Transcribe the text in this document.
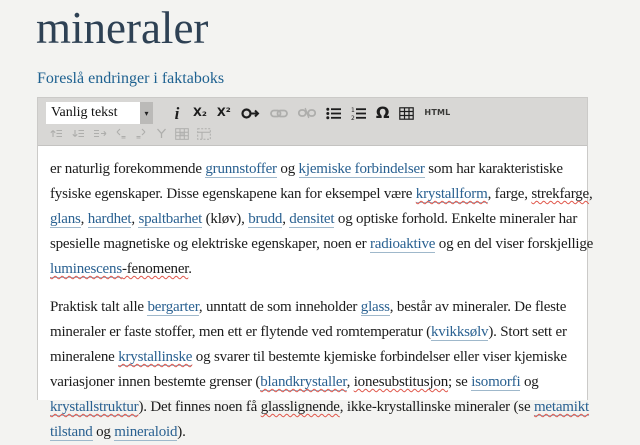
mineraler
Foreslå endringer i faktaboks
Vanlig tekst	▾ i	X₂ X²	1
2 Ω	HTML
er naturlig forekommende grunnstoffer og kjemiske forbindelser som har karakteristiske
fysiske egenskaper. Disse egenskapene kan for eksempel være krystallform, farge, strekfarge,
glans, hardhet, spaltbarhet (kløv), brudd, densitet og optiske forhold. Enkelte mineraler har
spesielle magnetiske og elektriske egenskaper, noen er radioaktive og en del viser forskjellige
luminescens-fenomener.
Praktisk talt alle bergarter, unntatt de som inneholder glass, består av mineraler. De fleste
mineraler er faste stoffer, men ett er flytende ved romtemperatur (kvikksølv). Stort sett er
mineralene krystallinske og svarer til bestemte kjemiske forbindelser eller viser kjemiske
variasjoner innen bestemte grenser (blandkrystaller, ionesubstitusjon; se isomorfi og
krystallstruktur). Det finnes noen få glasslignende, ikke-krystallinske mineraler (se metamikt
tilstand og mineraloid).
